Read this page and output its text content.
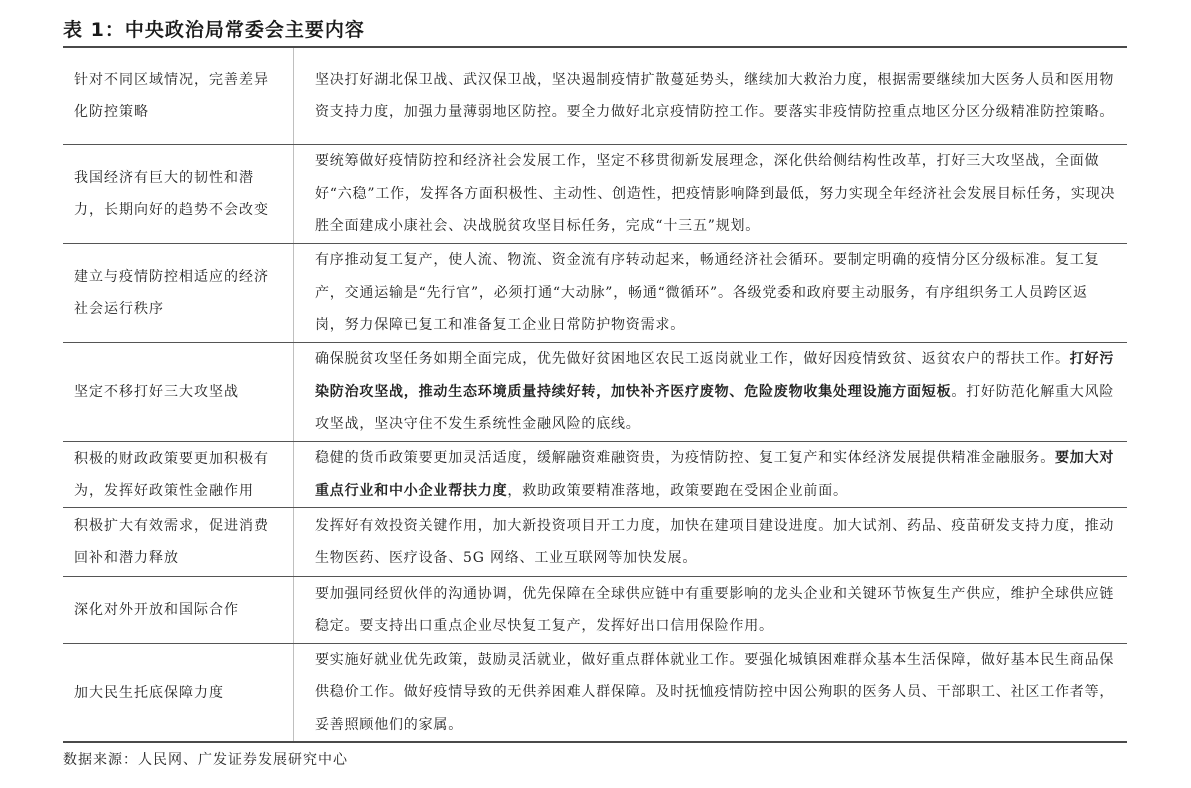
表 1：中央政治局常委会主要内容
针对不同区域情况，完善差异化防控策略
坚决打好湖北保卫战、武汉保卫战，坚决遏制疫情扩散蔓延势头，继续加大救治力度，根据需要继续加大医务人员和医用物资支持力度，加强力量薄弱地区防控。要全力做好北京疫情防控工作。要落实非疫情防控重点地区分区分级精准防控策略。
我国经济有巨大的韧性和潜力，长期向好的趋势不会改变
要统筹做好疫情防控和经济社会发展工作，坚定不移贯彻新发展理念，深化供给侧结构性改革，打好三大攻坚战，全面做好“六稳”工作，发挥各方面积极性、主动性、创造性，把疫情影响降到最低，努力实现全年经济社会发展目标任务，实现决胜全面建成小康社会、决战脱贫攻坚目标任务，完成“十三五”规划。
建立与疫情防控相适应的经济社会运行秩序
有序推动复工复产，使人流、物流、资金流有序转动起来，畅通经济社会循环。要制定明确的疫情分区分级标准。复工复产，交通运输是“先行官”，必须打通“大动脉”，畅通“微循环”。各级党委和政府要主动服务，有序组织务工人员跨区返岗，努力保障已复工和准备复工企业日常防护物资需求。
坚定不移打好三大攻坚战
确保脱贫攻坚任务如期全面完成，优先做好贫困地区农民工返岗就业工作，做好因疫情致贫、返贫农户的帮扶工作。打好污染防治攻坚战，推动生态环境质量持续好转，加快补齐医疗废物、危险废物收集处理设施方面短板。打好防范化解重大风险攻坚战，坚决守住不发生系统性金融风险的底线。
积极的财政政策要更加积极有为，发挥好政策性金融作用
稳健的货币政策要更加灵活适度，缓解融资难融资贵，为疫情防控、复工复产和实体经济发展提供精准金融服务。要加大对重点行业和中小企业帮扶力度，救助政策要精准落地，政策要跑在受困企业前面。
积极扩大有效需求，促进消费回补和潜力释放
发挥好有效投资关键作用，加大新投资项目开工力度，加快在建项目建设进度。加大试剂、药品、疫苗研发支持力度，推动生物医药、医疗设备、5G 网络、工业互联网等加快发展。
深化对外开放和国际合作
要加强同经贸伙伴的沟通协调，优先保障在全球供应链中有重要影响的龙头企业和关键环节恢复生产供应，维护全球供应链稳定。要支持出口重点企业尽快复工复产，发挥好出口信用保险作用。
加大民生托底保障力度
要实施好就业优先政策，鼓励灵活就业，做好重点群体就业工作。要强化城镇困难群众基本生活保障，做好基本民生商品保供稳价工作。做好疫情导致的无供养困难人群保障。及时抚恤疫情防控中因公殉职的医务人员、干部职工、社区工作者等，妥善照顾他们的家属。
数据来源：人民网、广发证券发展研究中心
